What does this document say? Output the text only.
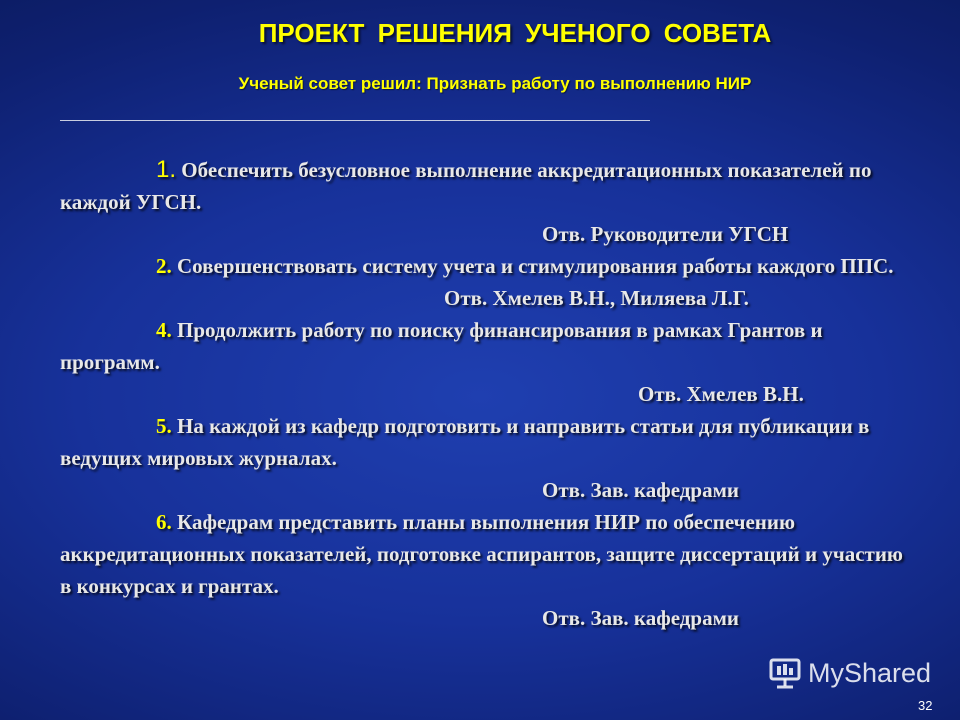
ПРОЕКТ РЕШЕНИЯ УЧЕНОГО СОВЕТА
Ученый совет решил: Признать работу по выполнению НИР
1. Обеспечить безусловное выполнение аккредитационных показателей по каждой УГСН.
Отв. Руководители УГСН
2. Совершенствовать систему учета и стимулирования работы каждого ППС.
Отв. Хмелев В.Н., Миляева Л.Г.
4. Продолжить работу по поиску финансирования в рамках Грантов и программ.
Отв. Хмелев В.Н.
5. На каждой из кафедр подготовить и направить статьи для публикации в ведущих мировых журналах.
Отв. Зав. кафедрами
6. Кафедрам представить планы выполнения НИР по обеспечению аккредитационных показателей, подготовке аспирантов, защите диссертаций и участию в конкурсах и грантах.
Отв. Зав. кафедрами
MyShared
32
